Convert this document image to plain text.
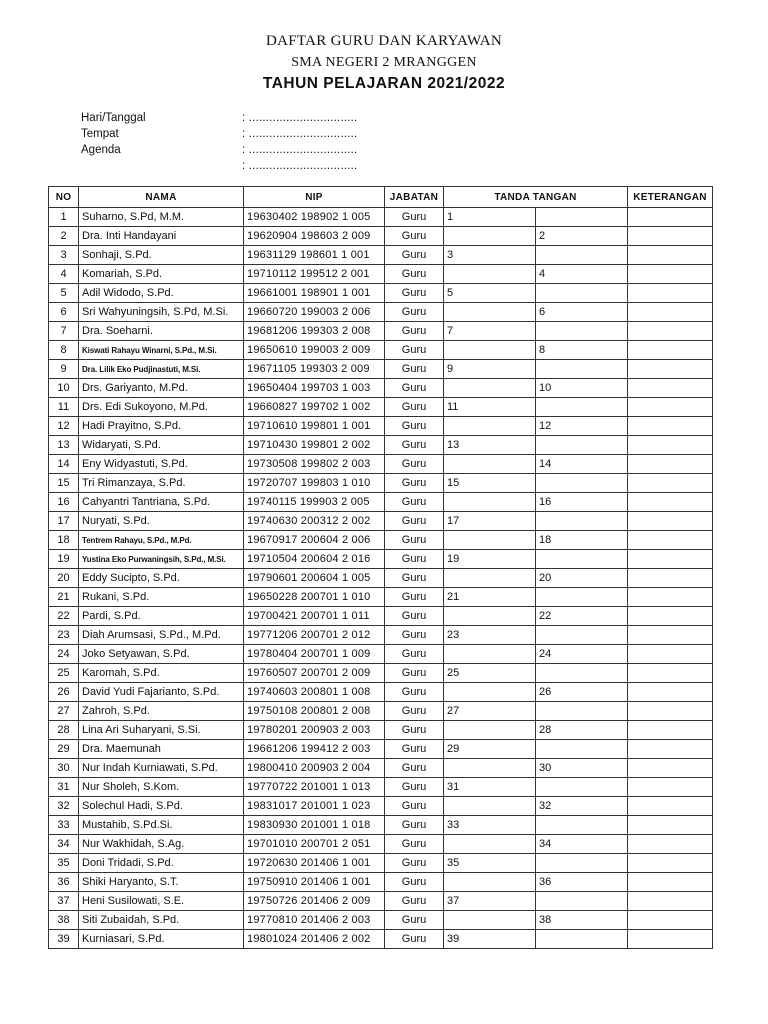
DAFTAR GURU DAN KARYAWAN
SMA NEGERI 2 MRANGGEN
TAHUN PELAJARAN 2021/2022
Hari/Tanggal	: ................................
Tempat	: ................................
Agenda	: ................................
: ................................
NO	NAMA	NIP	JABATAN	TANDA TANGAN		KETERANGAN
1	Suharno, S.Pd, M.M.	19630402 198902 1 005	Guru	1		
2	Dra. Inti Handayani	19620904 198603 2 009	Guru		2	
3	Sonhaji, S.Pd.	19631129 198601 1 001	Guru	3		
4	Komariah, S.Pd.	19710112 199512 2 001	Guru		4	
5	Adil Widodo, S.Pd.	19661001 198901 1 001	Guru	5		
6	Sri Wahyuningsih, S.Pd, M.Si.	19660720 199003 2 006	Guru		6	
7	Dra. Soeharni.	19681206 199303 2 008	Guru	7		
8	Kiswati Rahayu Winarni, S.Pd., M.Si.	19650610 199003 2 009	Guru		8	
9	Dra. Lilik Eko Pudjinastuti, M.Si.	19671105 199303 2 009	Guru	9		
10	Drs. Gariyanto, M.Pd.	19650404 199703 1 003	Guru		10	
11	Drs. Edi Sukoyono, M.Pd.	19660827 199702 1 002	Guru	11		
12	Hadi Prayitno, S.Pd.	19710610 199801 1 001	Guru		12	
13	Widaryati, S.Pd.	19710430 199801 2 002	Guru	13		
14	Eny Widyastuti, S.Pd.	19730508 199802 2 003	Guru		14	
15	Tri Rimanzaya, S.Pd.	19720707 199803 1 010	Guru	15		
16	Cahyantri Tantriana, S.Pd.	19740115 199903 2 005	Guru		16	
17	Nuryati, S.Pd.	19740630 200312 2 002	Guru	17		
18	Tentrem Rahayu, S.Pd., M.Pd.	19670917 200604 2 006	Guru		18	
19	Yustina Eko Purwaningsih, S.Pd., M.Si.	19710504 200604 2 016	Guru	19		
20	Eddy Sucipto, S.Pd.	19790601 200604 1 005	Guru		20	
21	Rukani, S.Pd.	19650228 200701 1 010	Guru	21		
22	Pardi, S.Pd.	19700421 200701 1 011	Guru		22	
23	Diah Arumsasi, S.Pd., M.Pd.	19771206 200701 2 012	Guru	23		
24	Joko Setyawan, S.Pd.	19780404 200701 1 009	Guru		24	
25	Karomah, S.Pd.	19760507 200701 2 009	Guru	25		
26	David Yudi Fajarianto, S.Pd.	19740603 200801 1 008	Guru		26	
27	Zahroh, S.Pd.	19750108 200801 2 008	Guru	27		
28	Lina Ari Suharyani, S.Si.	19780201 200903 2 003	Guru		28	
29	Dra. Maemunah	19661206 199412 2 003	Guru	29		
30	Nur Indah Kurniawati, S.Pd.	19800410 200903 2 004	Guru		30	
31	Nur Sholeh, S.Kom.	19770722 201001 1 013	Guru	31		
32	Solechul Hadi, S.Pd.	19831017 201001 1 023	Guru		32	
33	Mustahib, S.Pd.Si.	19830930 201001 1 018	Guru	33		
34	Nur Wakhidah, S.Ag.	19701010 200701 2 051	Guru		34	
35	Doni Tridadi, S.Pd.	19720630 201406 1 001	Guru	35		
36	Shiki Haryanto, S.T.	19750910 201406 1 001	Guru		36	
37	Heni Susilowati, S.E.	19750726 201406 2 009	Guru	37		
38	Siti Zubaidah, S.Pd.	19770810 201406 2 003	Guru		38	
39	Kurniasari, S.Pd.	19801024 201406 2 002	Guru	39		
